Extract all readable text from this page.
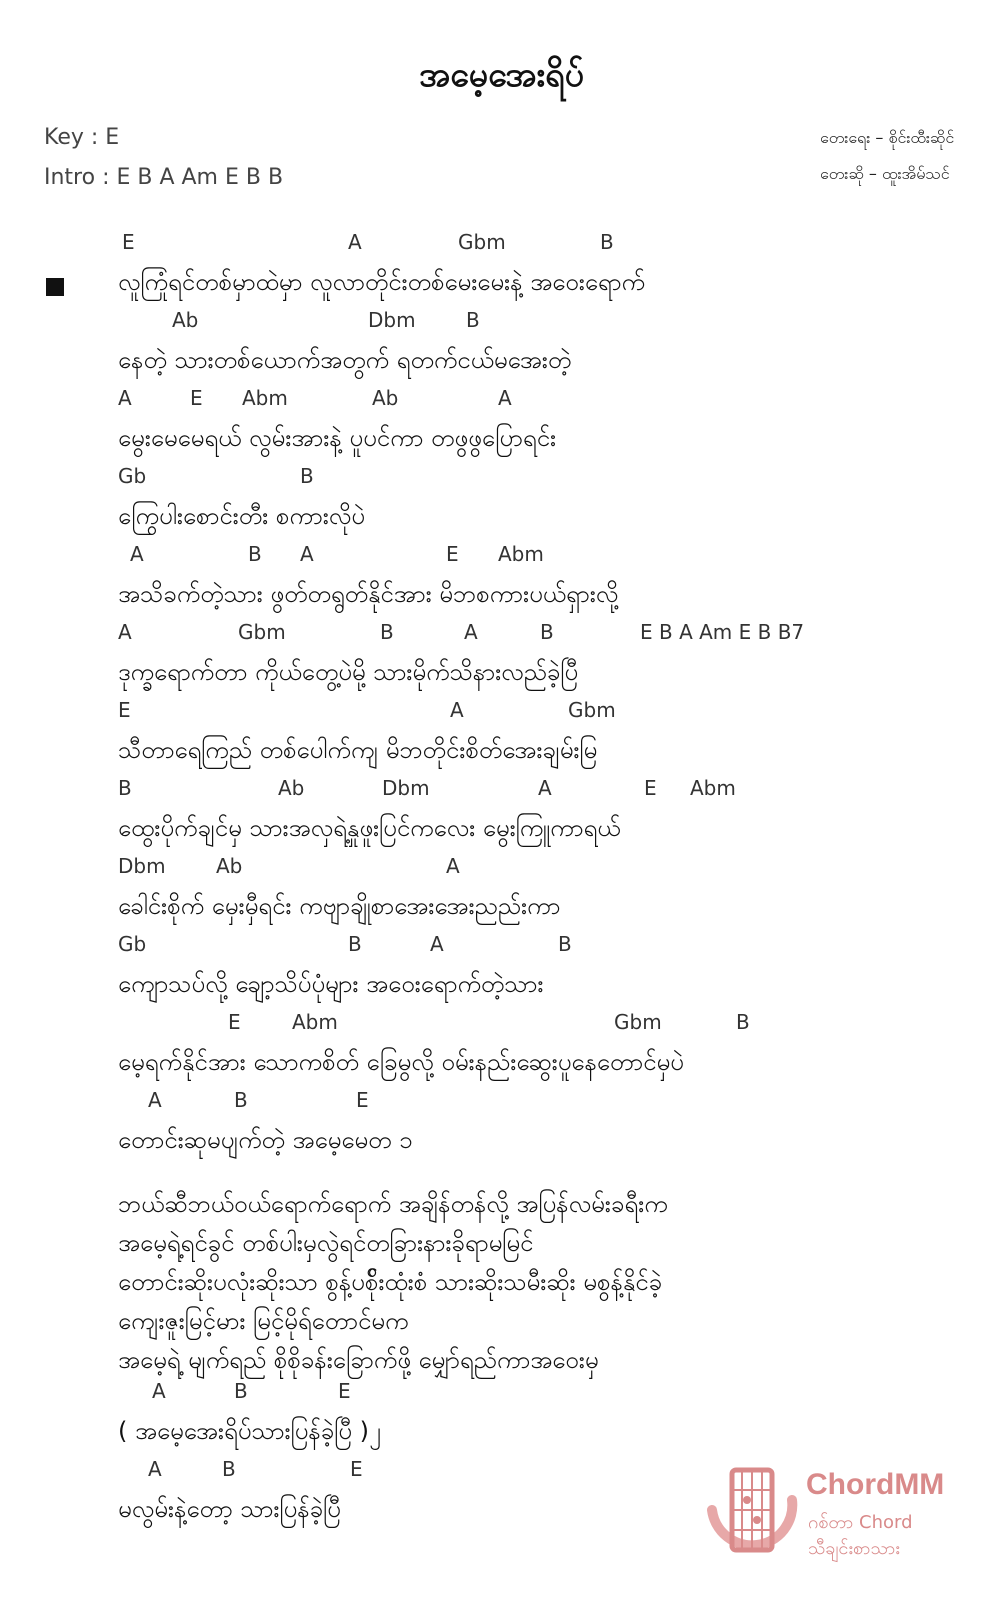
အမေ့အေးရိပ်
Key : E
Intro : E B A Am E B B
တေးရေး – စိုင်းထီးဆိုင်
တေးဆို – ထူးအိမ်သင်
E	A	Gbm	B
လူကြုံရင်တစ်မှာထဲမှာ လူလာတိုင်းတစ်မေးမေးနဲ့ အဝေးရောက်
Ab	Dbm	B
နေတဲ့ သားတစ်ယောက်အတွက် ရတက်ငယ်မအေးတဲ့
A	E Abm	Ab	A
မွေးမေမေရယ် လွမ်းအားနဲ့ ပူပင်ကာ တဖွဖွပြောရင်း
Gb	B
ကြွေပါးစောင်းတီး စကားလိုပဲ
A	B A	E Abm
အသိခက်တဲ့သား ဖွတ်တရွတ်နိုင်အား မိဘစကားပယ်ရှားလို့
A	Gbm	B	A	B	E B A Am E B B7
ဒုက္ခရောက်တာ ကိုယ်တွေ့ပဲမို့ သားမိုက်သိနားလည်ခဲ့ပြီ
E	A	Gbm
သီတာရေကြည် တစ်ပေါက်ကျ မိဘတိုင်းစိတ်အေးချမ်းမြ
B	Ab	Dbm	A	E Abm
ထွေးပိုက်ချင်မှ သားအလှရဲ့နှုဖူးပြင်ကလေး မွေးကြူကာရယ်
Dbm	Ab	A
ခေါင်းစိုက် မှေးမှီရင်း ကဗျာချိုစာအေးအေးညည်းကာ
Gb	B	A	B
ကျောသပ်လို့ ချော့သိပ်ပုံများ အဝေးရောက်တဲ့သား
E	Abm	Gbm	B
မေ့ရက်နိုင်အား သောကစိတ် ခြေမွလို့ ဝမ်းနည်းဆွေးပူနေတောင်မှပဲ
A	B	E
တောင်းဆုမပျက်တဲ့ အမေ့မေတ ၁
ဘယ်ဆီဘယ်ဝယ်ရောက်ရောက် အချိန်တန်လို့ အပြန်လမ်းခရီးက
အမေ့ရဲ့ရင်ခွင် တစ်ပါးမှလွဲရင်တခြားနားခိုရာမမြင်
တောင်းဆိုးပလုံးဆိုးသာ စွန့်ပစ်ိုးထုံးစံ သားဆိုးသမီးဆိုး မစွန့်နိုင်ခဲ့
ကျေးဇူးမြင့်မား မြင့်မိုရ်တောင်မက
အမေ့ရဲ့ မျက်ရည် စိုစိုခန်းခြောက်ဖို့ မျှော်ရည်ကာအဝေးမှ
A	B	E
( အမေ့အေးရိပ်သားပြန်ခဲ့ပြီ )၂
A	B	E
မလွမ်းနဲ့တော့ သားပြန်ခဲ့ပြီ
ChordMM
ဂစ်တာ Chord
သီချင်းစာသား
